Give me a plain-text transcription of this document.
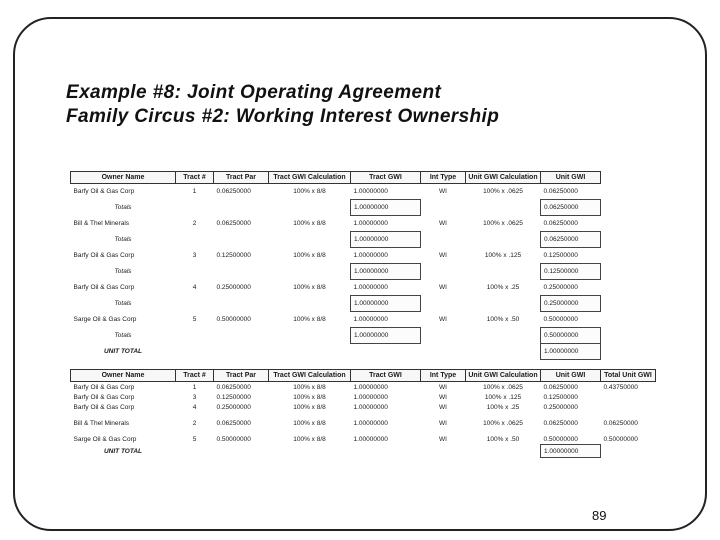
Example #8: Joint Operating Agreement
Family Circus #2: Working Interest Ownership
Owner Name	Tract #	Tract Par	Tract GWI Calculation	Tract GWI	Int Type	Unit GWI Calculation	Unit GWI
Barfy Oil & Gas Corp	1	0.06250000	100% x 8/8	1.00000000	WI	100% x .0625	0.06250000
Totals				1.00000000			0.06250000
Bill & Thel Minerals	2	0.06250000	100% x 8/8	1.00000000	WI	100% x .0625	0.06250000
Totals				1.00000000			0.06250000
Barfy Oil & Gas Corp	3	0.12500000	100% x 8/8	1.00000000	WI	100% x .125	0.12500000
Totals				1.00000000			0.12500000
Barfy Oil & Gas Corp	4	0.25000000	100% x 8/8	1.00000000	WI	100% x .25	0.25000000
Totals				1.00000000			0.25000000
Sarge Oil & Gas Corp	5	0.50000000	100% x 8/8	1.00000000	WI	100% x .50	0.50000000
Totals				1.00000000			0.50000000
UNIT TOTAL							1.00000000
Owner Name	Tract #	Tract Par	Tract GWI Calculation	Tract GWI	Int Type	Unit GWI Calculation	Unit GWI	Total Unit GWI
Barfy Oil & Gas Corp	1	0.06250000	100% x 8/8	1.00000000	WI	100% x .0625	0.06250000	0.43750000
Barfy Oil & Gas Corp	3	0.12500000	100% x 8/8	1.00000000	WI	100% x .125	0.12500000	
Barfy Oil & Gas Corp	4	0.25000000	100% x 8/8	1.00000000	WI	100% x .25	0.25000000	

Bill & Thel Minerals	2	0.06250000	100% x 8/8	1.00000000	WI	100% x .0625	0.06250000	0.06250000

Sarge Oil & Gas Corp	5	0.50000000	100% x 8/8	1.00000000	WI	100% x .50	0.50000000	0.50000000
UNIT TOTAL							1.00000000	
89
